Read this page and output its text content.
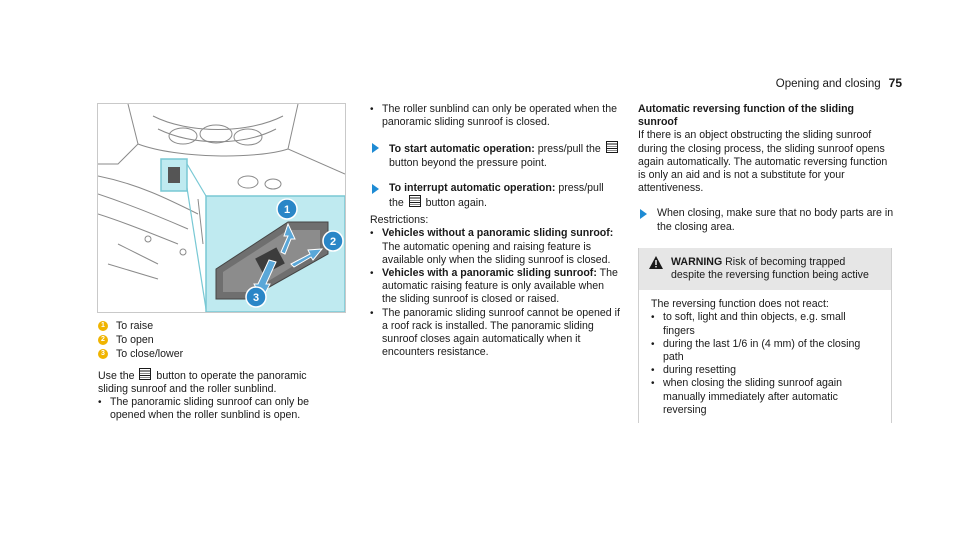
Opening and closing 75
1
2
3
1 To raise
2 To open
3 To close/lower

Use the button to operate the panoramic sliding sunroof and the roller sunblind.

• The panoramic sliding sunroof can only be opened when the roller sunblind is open.
• The roller sunblind can only be operated when the panoramic sliding sunroof is closed.
To start automatic operation: press/pull the  button beyond the pressure point.
To interrupt automatic operation: press/pull the button again.

Restrictions:

• Vehicles without a panoramic sliding sunroof: The automatic opening and raising feature is available only when the sliding sunroof is closed.
• Vehicles with a panoramic sliding sunroof: The automatic raising feature is only available when the sliding sunroof is closed or raised.
• The panoramic sliding sunroof cannot be opened if a roof rack is installed. The panoramic sliding sunroof closes again automatically when it encounters resistance.

Automatic reversing function of the sliding sunroof

If there is an object obstructing the sliding sunroof during the closing process, the sliding sunroof opens again automatically. The automatic reversing function is only an aid and is not a substitute for your attentiveness.

When closing, make sure that no body parts are in the closing area.
WARNING Risk of becoming trapped despite the reversing function being active

The reversing function does not react:

• to soft, light and thin objects, e.g. small fingers
• during the last 1/6 in (4 mm) of the closing path
• during resetting
• when closing the sliding sunroof again manually immediately after automatic reversing
